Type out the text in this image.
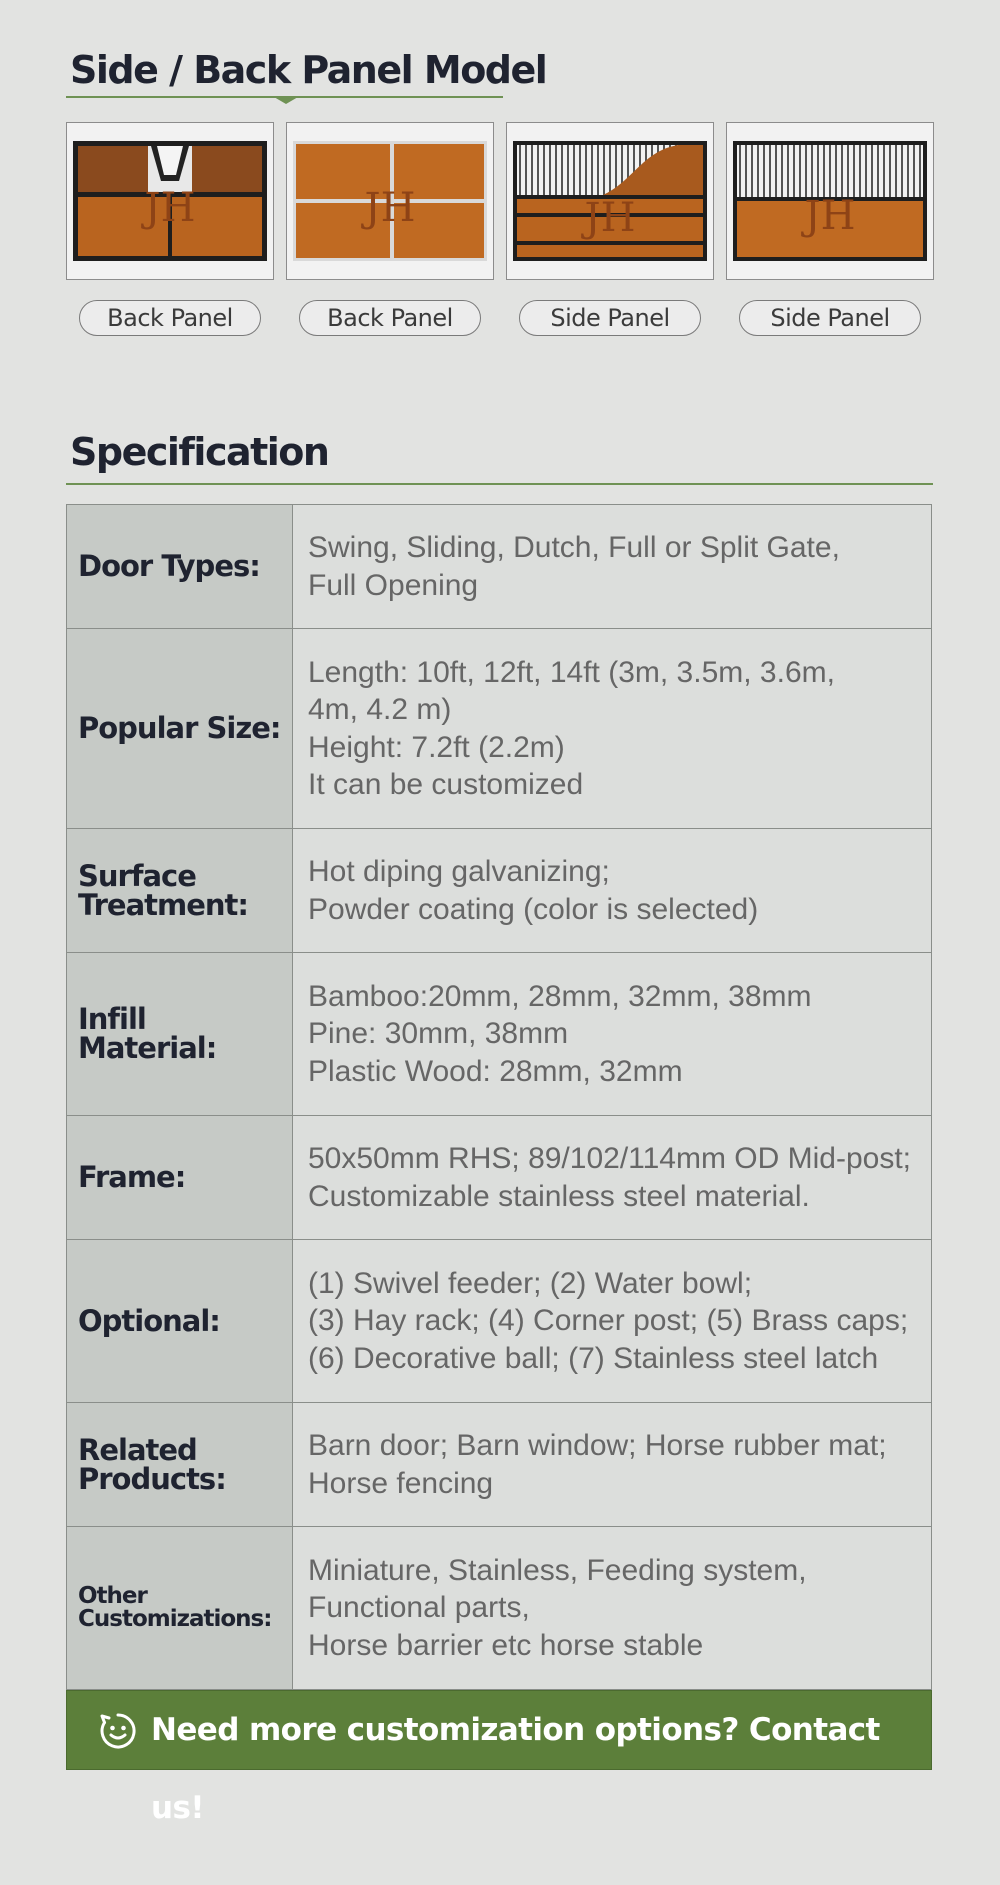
Side / Back Panel Model
JH	JH	JH	JH
Back Panel	Back Panel	Side Panel	Side Panel
Specification
Door Types:	Swing, Sliding, Dutch, Full or Split Gate,
Full Opening

Popular Size:	Length: 10ft, 12ft, 14ft (3m, 3.5m, 3.6m,
4m, 4.2 m)
Height: 7.2ft (2.2m)
It can be customized

Surface
Treatment:	Hot diping galvanizing;
Powder coating (color is selected)

Infill
Material:	Bamboo:20mm, 28mm, 32mm, 38mm
Pine: 30mm, 38mm
Plastic Wood: 28mm, 32mm

Frame:	50x50mm RHS; 89/102/114mm OD Mid-post;
Customizable stainless steel material.

Optional:	(1) Swivel feeder; (2) Water bowl;
(3) Hay rack; (4) Corner post; (5) Brass caps;
(6) Decorative ball; (7) Stainless steel latch

Related
Products:	Barn door; Barn window; Horse rubber mat;
Horse fencing

Other
Customizations:	Miniature, Stainless, Feeding system,
Functional parts,
Horse barrier etc horse stable
Need more customization options? Contact us!
